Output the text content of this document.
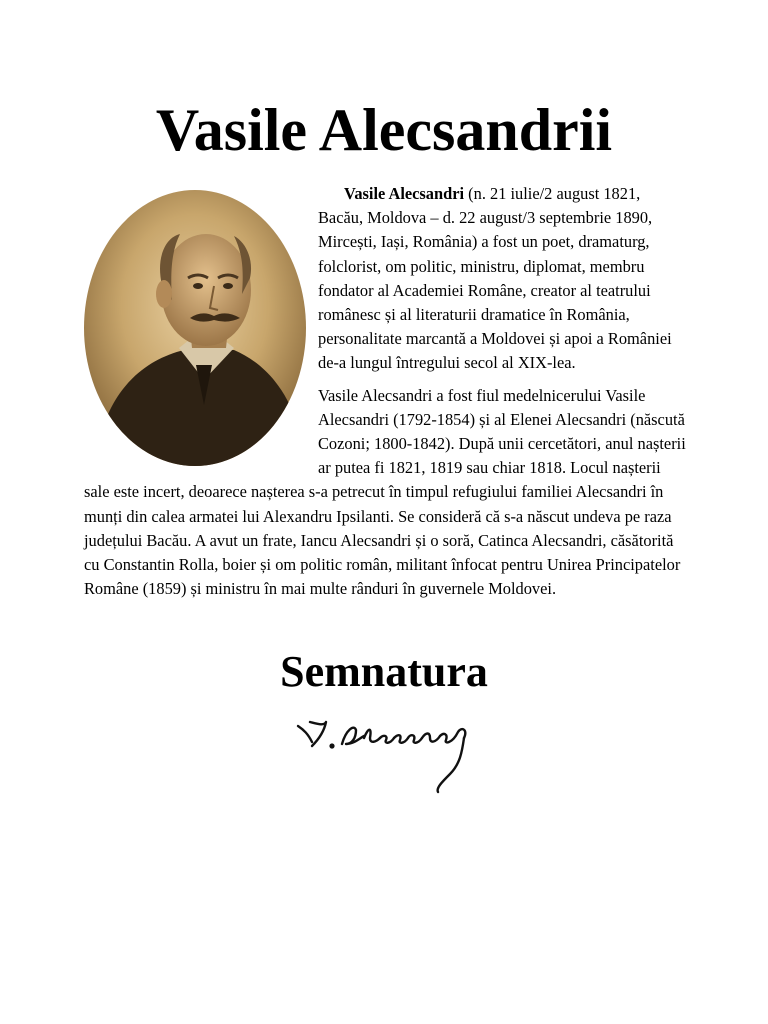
Vasile Alecsandrii

Vasile Alecsandri (n. 21 iulie/2 august 1821, Bacău, Moldova – d. 22 august/3 septembrie 1890, Mircești, Iași, România) a fost un poet, dramaturg, folclorist, om politic, ministru, diplomat, membru fondator al Academiei Române, creator al teatrului românesc și al literaturii dramatice în România, personalitate marcantă a Moldovei și apoi a României de-a lungul întregului secol al XIX-lea.

Vasile Alecsandri a fost fiul medelnicerului Vasile Alecsandri (1792-1854) și al Elenei Alecsandri (născută Cozoni; 1800-1842). După unii cercetători, anul nașterii ar putea fi 1821, 1819 sau chiar 1818. Locul nașterii sale este incert, deoarece nașterea s-a petrecut în timpul refugiului familiei Alecsandri în munți din calea armatei lui Alexandru Ipsilanti. Se consideră că s-a născut undeva pe raza județului Bacău. A avut un frate, Iancu Alecsandri și o soră, Catinca Alecsandri, căsătorită cu Constantin Rolla, boier și om politic român, militant înfocat pentru Unirea Principatelor Române (1859) și ministru în mai multe rânduri în guvernele Moldovei.

Semnatura
